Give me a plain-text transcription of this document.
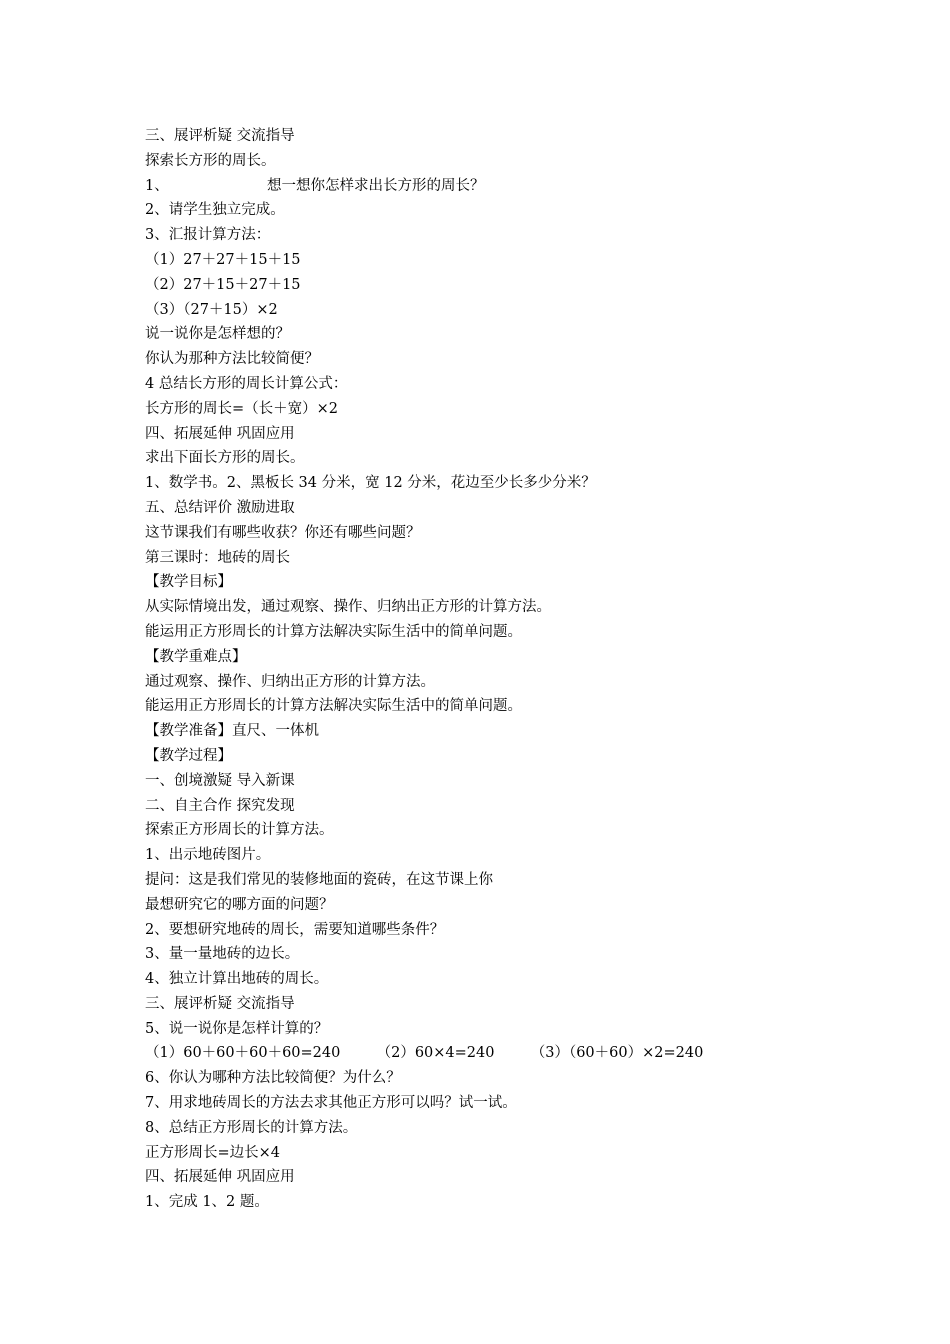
三、展评析疑 交流指导
探索长方形的周长。
1、	想一想你怎样求出长方形的周长？
2、请学生独立完成。
3、汇报计算方法：
（1）27＋27＋15＋15
（2）27＋15＋27＋15
（3）（27＋15）×2
说一说你是怎样想的？
你认为那种方法比较简便？
4 总结长方形的周长计算公式：
长方形的周长=（长＋宽）×2
四、拓展延伸 巩固应用
求出下面长方形的周长。
1、数学书。2、黑板长 34 分米，宽 12 分米，花边至少长多少分米？
五、总结评价 激励进取
这节课我们有哪些收获？你还有哪些问题？
第三课时：地砖的周长
【教学目标】
从实际情境出发，通过观察、操作、归纳出正方形的计算方法。
能运用正方形周长的计算方法解决实际生活中的简单问题。
【教学重难点】
通过观察、操作、归纳出正方形的计算方法。
能运用正方形周长的计算方法解决实际生活中的简单问题。
【教学准备】直尺、一体机
【教学过程】
一、创境激疑 导入新课
二、自主合作 探究发现
探索正方形周长的计算方法。
1、出示地砖图片。
提问：这是我们常见的装修地面的瓷砖，在这节课上你
最想研究它的哪方面的问题？
2、要想研究地砖的周长，需要知道哪些条件？
3、量一量地砖的边长。
4、独立计算出地砖的周长。
三、展评析疑 交流指导
5、说一说你是怎样计算的？
（1）60＋60＋60＋60=240　　　（2）60×4=240　　　（3）（60＋60）×2=240
6、你认为哪种方法比较简便？为什么？
7、用求地砖周长的方法去求其他正方形可以吗？试一试。
8、总结正方形周长的计算方法。
正方形周长=边长×4
四、拓展延伸 巩固应用
1、完成 1、2 题。
